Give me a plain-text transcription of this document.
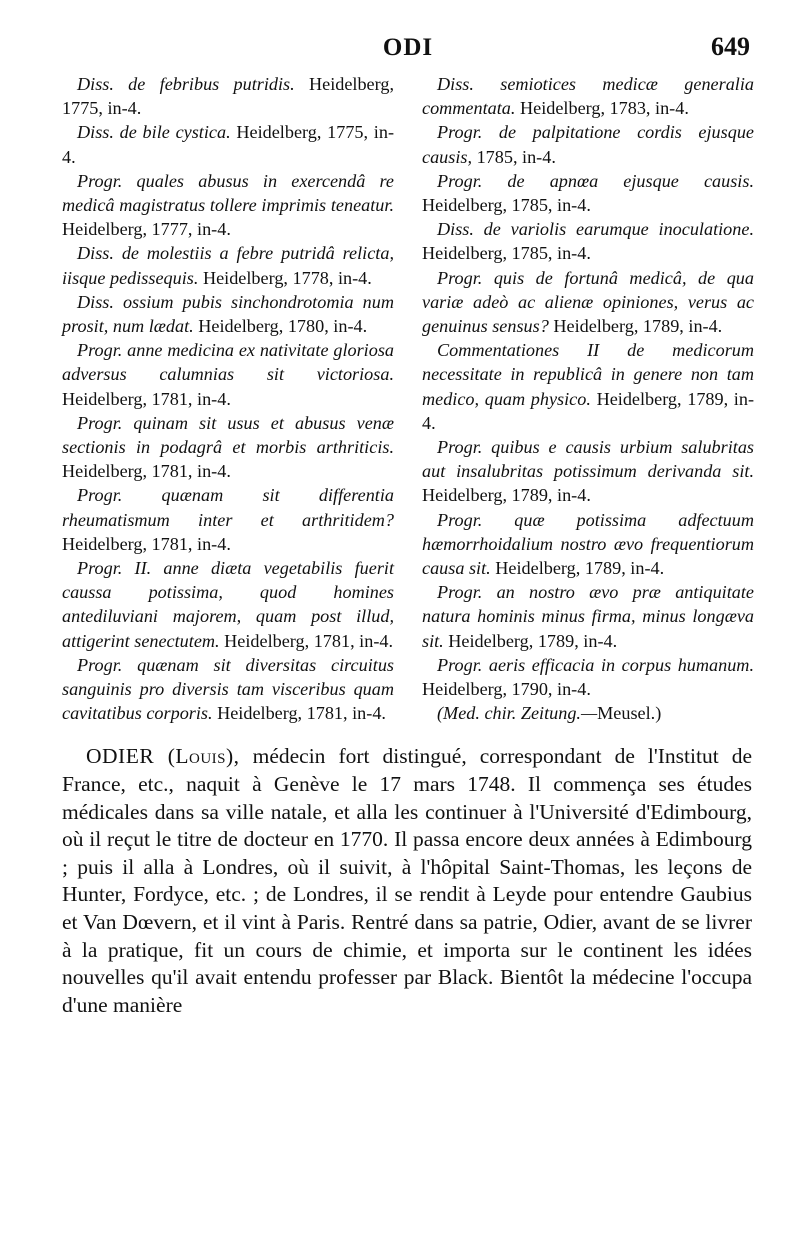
ODI	649

Diss. de febribus putridis. Heidelberg, 1775, in-4.

Diss. de bile cystica. Heidelberg, 1775, in-4.

Progr. quales abusus in exercendâ re medicâ magistratus tollere imprimis teneatur. Heidelberg, 1777, in-4.

Diss. de molestiis a febre putridâ relicta, iisque pedissequis. Heidelberg, 1778, in-4.

Diss. ossium pubis sinchondrotomia num prosit, num lædat. Heidelberg, 1780, in-4.

Progr. anne medicina ex nativitate gloriosa adversus calumnias sit victoriosa. Heidelberg, 1781, in-4.

Progr. quinam sit usus et abusus venæ sectionis in podagrâ et morbis arthriticis. Heidelberg, 1781, in-4.

Progr. quænam sit differentia rheumatismum inter et arthritidem? Heidelberg, 1781, in-4.

Progr. II. anne diæta vegetabilis fuerit caussa potissima, quod homines antediluviani majorem, quam post illud, attigerint senectutem. Heidelberg, 1781, in-4.

Progr. quænam sit diversitas circuitus sanguinis pro diversis tam visceribus quam cavitatibus corporis. Heidelberg, 1781, in-4.

Diss. semiotices medicæ generalia commentata. Heidelberg, 1783, in-4.

Progr. de palpitatione cordis ejusque causis, 1785, in-4.

Progr. de apnœa ejusque causis. Heidelberg, 1785, in-4.

Diss. de variolis earumque inoculatione. Heidelberg, 1785, in-4.

Progr. quis de fortunâ medicâ, de qua variæ adeò ac alienæ opiniones, verus ac genuinus sensus? Heidelberg, 1789, in-4.

Commentationes II de medicorum necessitate in republicâ in genere non tam medico, quam physico. Heidelberg, 1789, in-4.

Progr. quibus e causis urbium salubritas aut insalubritas potissimum derivanda sit. Heidelberg, 1789, in-4.

Progr. quæ potissima adfectuum hæmorrhoidalium nostro ævo frequentiorum causa sit. Heidelberg, 1789, in-4.

Progr. an nostro ævo præ antiquitate natura hominis minus firma, minus longæva sit. Heidelberg, 1789, in-4.

Progr. aeris efficacia in corpus humanum. Heidelberg, 1790, in-4.

(Med. chir. Zeitung.—Meusel.)

ODIER (Louis), médecin fort distingué, correspondant de l'Institut de France, etc., naquit à Genève le 17 mars 1748. Il commença ses études médicales dans sa ville natale, et alla les continuer à l'Université d'Edimbourg, où il reçut le titre de docteur en 1770. Il passa encore deux années à Edimbourg ; puis il alla à Londres, où il suivit, à l'hôpital Saint-Thomas, les leçons de Hunter, Fordyce, etc. ; de Londres, il se rendit à Leyde pour entendre Gaubius et Van Dœvern, et il vint à Paris. Rentré dans sa patrie, Odier, avant de se livrer à la pratique, fit un cours de chimie, et importa sur le continent les idées nouvelles qu'il avait entendu professer par Black. Bientôt la médecine l'occupa d'une manière
